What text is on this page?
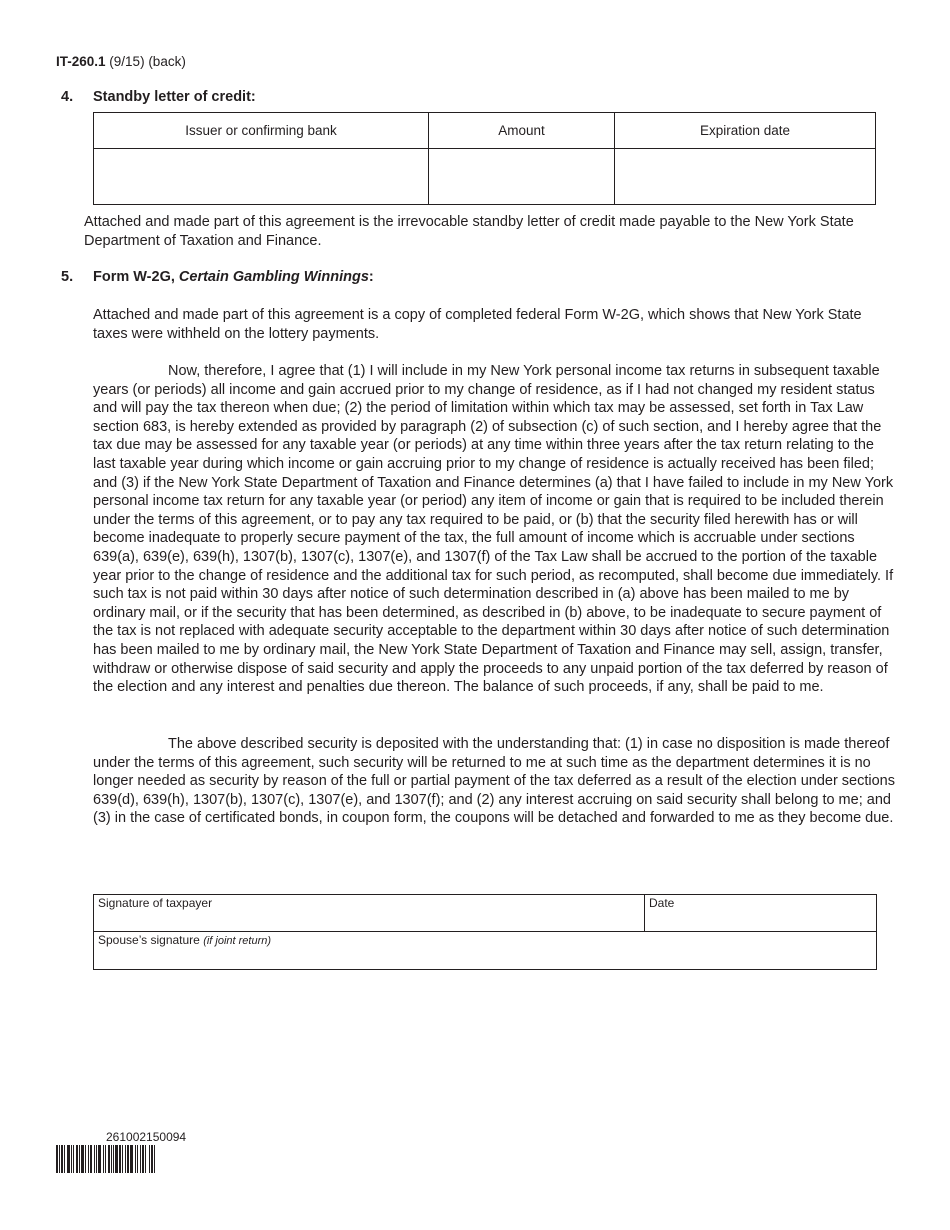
IT-260.1 (9/15) (back)
4. Standby letter of credit:
Issuer or confirming bank	Amount	Expiration date

Attached and made part of this agreement is the irrevocable standby letter of credit made payable to the New York State Department of Taxation and Finance.
5. Form W-2G, Certain Gambling Winnings:
Attached and made part of this agreement is a copy of completed federal Form W-2G, which shows that New York State taxes were withheld on the lottery payments.
Now, therefore, I agree that (1) I will include in my New York personal income tax returns in subsequent taxable years (or periods) all income and gain accrued prior to my change of residence, as if I had not changed my resident status and will pay the tax thereon when due; (2) the period of limitation within which tax may be assessed, set forth in Tax Law section 683, is hereby extended as provided by paragraph (2) of subsection (c) of such section, and I hereby agree that the tax due may be assessed for any taxable year (or periods) at any time within three years after the tax return relating to the last taxable year during which income or gain accruing prior to my change of residence is actually received has been filed; and (3) if the New York State Department of Taxation and Finance determines (a) that I have failed to include in my New York personal income tax return for any taxable year (or period) any item of income or gain that is required to be included therein under the terms of this agreement, or to pay any tax required to be paid, or (b) that the security filed herewith has or will become inadequate to properly secure payment of the tax, the full amount of income which is accruable under sections 639(a), 639(e), 639(h), 1307(b), 1307(c), 1307(e), and 1307(f) of the Tax Law shall be accrued to the portion of the taxable year prior to the change of residence and the additional tax for such period, as recomputed, shall become due immediately. If such tax is not paid within 30 days after notice of such determination described in (a) above has been mailed to me by ordinary mail, or if the security that has been determined, as described in (b) above, to be inadequate to secure payment of the tax is not replaced with adequate security acceptable to the department within 30 days after notice of such determination has been mailed to me by ordinary mail, the New York State Department of Taxation and Finance may sell, assign, transfer, withdraw or otherwise dispose of said security and apply the proceeds to any unpaid portion of the tax deferred by reason of the election and any interest and penalties due thereon. The balance of such proceeds, if any, shall be paid to me.
The above described security is deposited with the understanding that: (1) in case no disposition is made thereof under the terms of this agreement, such security will be returned to me at such time as the department determines it is no longer needed as security by reason of the full or partial payment of the tax deferred as a result of the election under sections 639(d), 639(h), 1307(b), 1307(c), 1307(e), and 1307(f); and (2) any interest accruing on said security shall belong to me; and (3) in the case of certificated bonds, in coupon form, the coupons will be detached and forwarded to me as they become due.
Signature of taxpayer	Date
Spouse’s signature (if joint return)
261002150094
